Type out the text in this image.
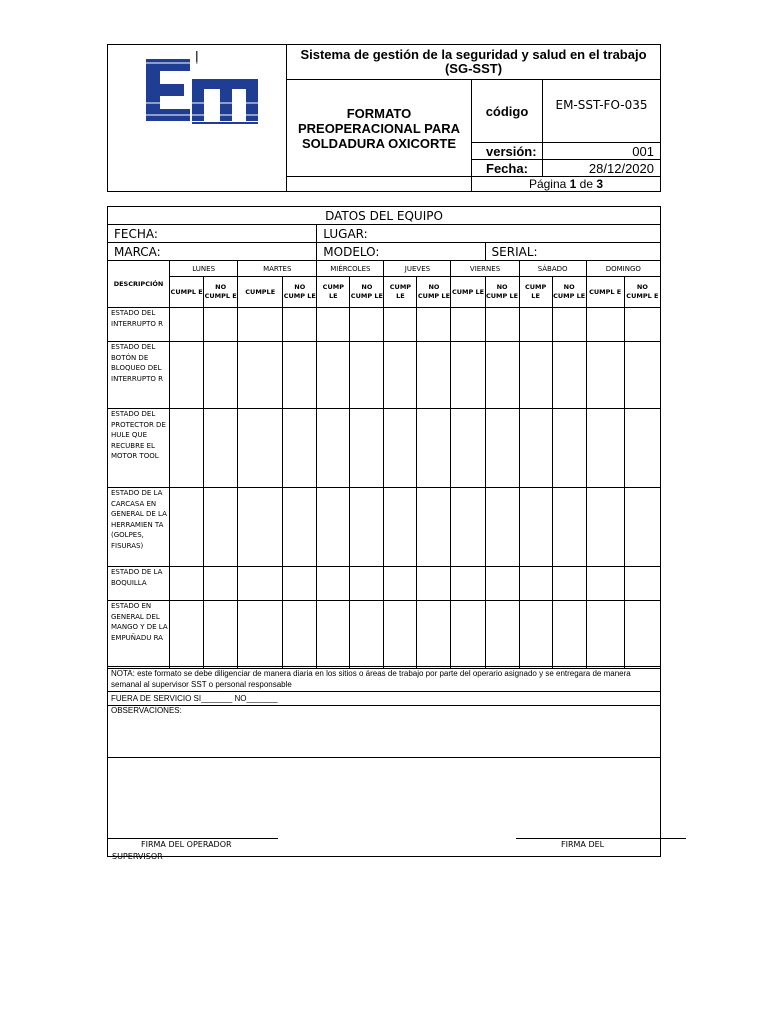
|	Sistema de gestión de la seguridad y salud en el trabajo (SG-SST)
FORMATO PREOPERACIONAL PARA SOLDADURA OXICORTE	
código	EM-SST-FO-035

versión:	001

Fecha:	28/12/2020

	Página 1 de 3
DATOS DEL EQUIPO														
FECHA:					LUGAR:									
MARCA:					MODELO:					SERIAL:				
DESCRIPCIÓN	LUNES		MARTES		MIÉRCOLES		JUEVES		VIERNES		SÁBADO		DOMINGO	
	CUMPL E	NO CUMPL E	CUMPLE	NO CUMP LE	CUMP LE	NO CUMP LE	CUMP LE	NO CUMP LE	CUMP LE	NO CUMP LE	CUMP LE	NO CUMP LE	CUMPL E	NO CUMPL E
ESTADO DEL INTERRUPTO R														
ESTADO DEL BOTÓN DE BLOQUEO DEL INTERRUPTO R														
ESTADO DEL PROTECTOR DE HULE QUE RECUBRE EL MOTOR TOOL														
ESTADO DE LA CARCASA EN GENERAL DE LA HERRAMIEN TA (GOLPES, FISURAS)														
ESTADO DE LA BOQUILLA														
ESTADO EN GENERAL DEL MANGO Y DE LA EMPUÑADU RA														
NOTA: este formato se debe diligenciar de manera diaria en los sitios o áreas de trabajo por parte del operario asignado y se entregara de manera semanal al supervisor SST o personal responsable
FUERA DE SERVICIO SI_______ NO_______
OBSERVACIONES:

FIRMA DEL OPERADOR	FIRMA DEL
SUPERVISOR
